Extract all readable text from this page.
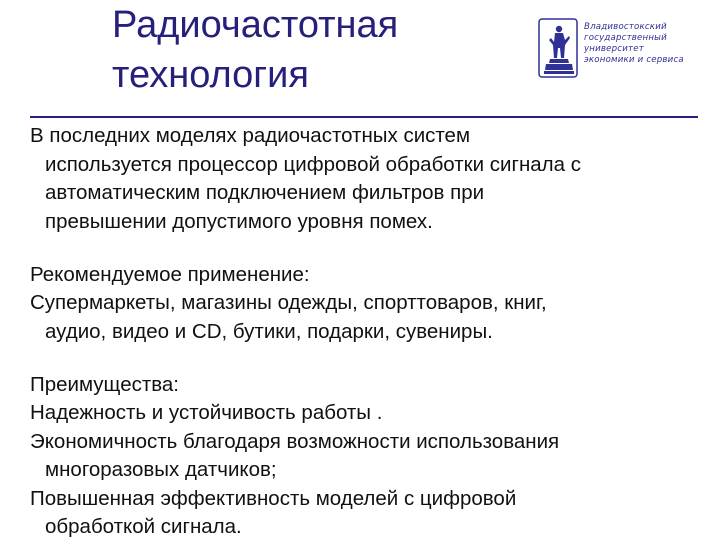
Радиочастотная
технология
Владивостокский
государственный
университет
экономики и сервиса

В последних моделях радиочастотных систем
используется процессор цифровой обработки сигнала с
автоматическим подключением фильтров при
превышении допустимого уровня помех.

Рекомендуемое применение:
Супермаркеты, магазины одежды, спорттоваров, книг,
аудио, видео и CD, бутики, подарки, сувениры.

Преимущества:
Надежность и устойчивость работы .
Экономичность благодаря возможности использования
многоразовых датчиков;
Повышенная эффективность моделей с цифровой
обработкой сигнала.
